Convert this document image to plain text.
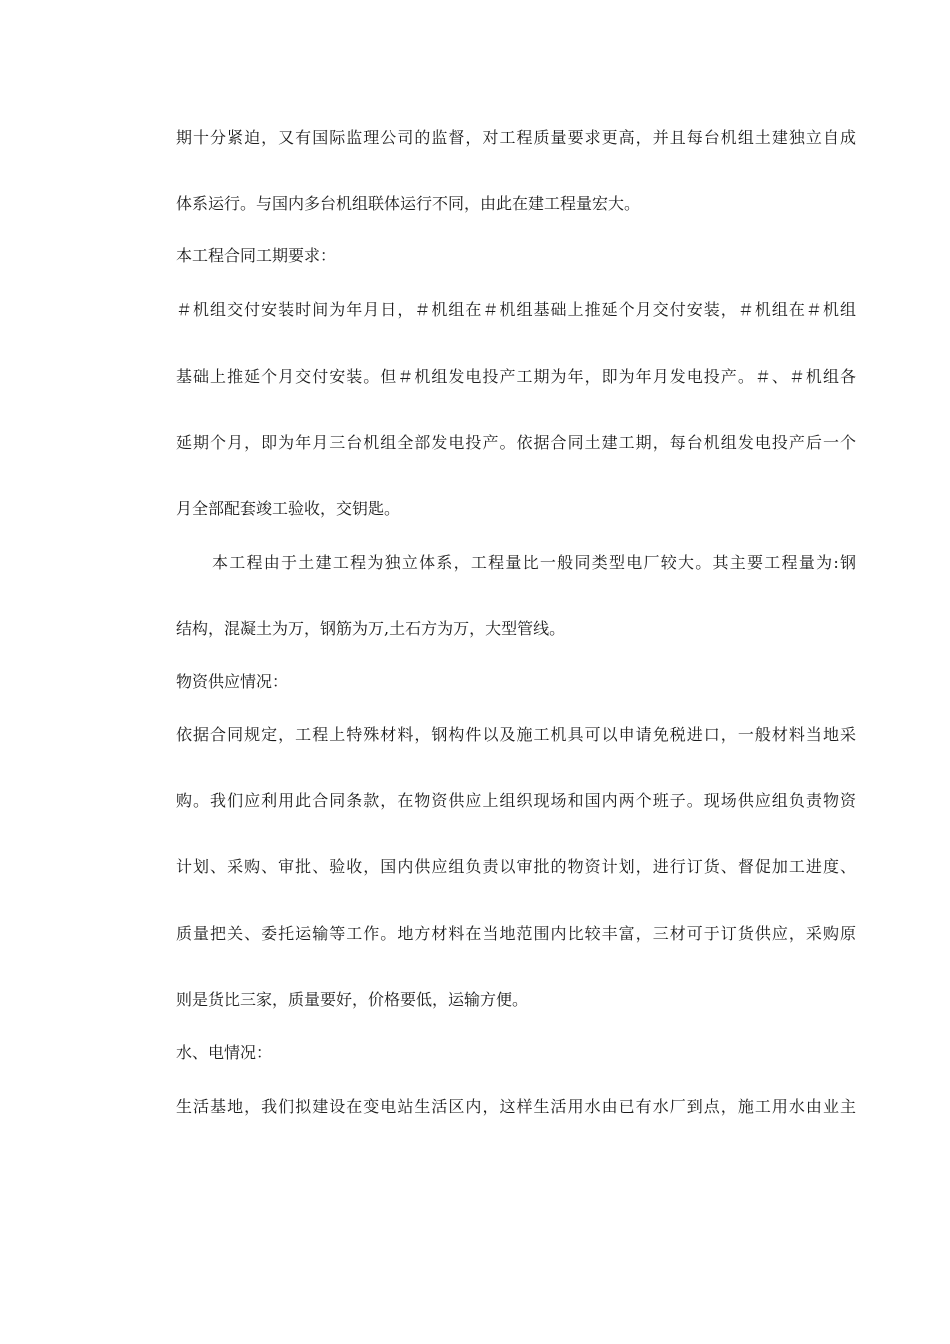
期十分紧迫，又有国际监理公司的监督，对工程质量要求更高，并且每台机组土建独立自成
体系运行。与国内多台机组联体运行不同，由此在建工程量宏大。
本工程合同工期要求：
＃机组交付安装时间为年月日，＃机组在＃机组基础上推延个月交付安装，＃机组在＃机组
基础上推延个月交付安装。但＃机组发电投产工期为年，即为年月发电投产。＃、＃机组各
延期个月，即为年月三台机组全部发电投产。依据合同土建工期，每台机组发电投产后一个
月全部配套竣工验收，交钥匙。
本工程由于土建工程为独立体系，工程量比一般同类型电厂较大。其主要工程量为:钢
结构，混凝土为万，钢筋为万,土石方为万，大型管线。
物资供应情况：
依据合同规定，工程上特殊材料，钢构件以及施工机具可以申请免税进口，一般材料当地采
购。我们应利用此合同条款，在物资供应上组织现场和国内两个班子。现场供应组负责物资
计划、采购、审批、验收，国内供应组负责以审批的物资计划，进行订货、督促加工进度、
质量把关、委托运输等工作。地方材料在当地范围内比较丰富，三材可于订货供应，采购原
则是货比三家，质量要好，价格要低，运输方便。
水、电情况：
生活基地，我们拟建设在变电站生活区内，这样生活用水由已有水厂到点，施工用水由业主
